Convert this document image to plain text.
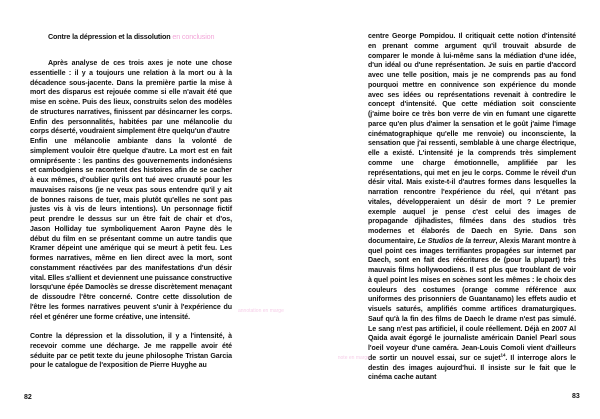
Contre la dépression et la dissolution en conclusion

Après analyse de ces trois axes je note une chose essentielle : il y a toujours une relation à la mort ou à la décadence sous-jacente. Dans la première partie la mise à mort des disparus est rejouée comme si elle n'avait été que mise en scène. Puis des lieux, construits selon des modèles de structures narratives, finissent par désincarner les corps. Enfin des personnalités, habitées par une mélancolie du corps déserté, voudraient simplement être quelqu'un d'autre

Enfin une mélancolie ambiante dans la volonté de simplement vouloir être quelque d'autre. La mort est en fait omniprésente : les pantins des gouvernements indonésiens et cambodgiens se racontent des histoires afin de se cacher à eux mêmes, d'oublier qu'ils ont tué avec cruauté pour les mauvaises raisons (je ne veux pas sous entendre qu'il y ait de bonnes raisons de tuer, mais plutôt qu'elles ne sont pas justes vis à vis de leurs intentions). Un personnage fictif peut prendre le dessus sur un être fait de chair et d'os, Jason Holliday tue symboliquement Aaron Payne dès le début du film en se présentant comme un autre tandis que Kramer dépeint une amérique qui se meurt à petit feu. Les formes narratives, même en lien direct avec la mort, sont constamment réactivées par des manifestations d'un désir vital. Elles s'allient et deviennent une puissance constructive lorsqu'une épée Damoclès se dresse discrètement menaçant de dissoudre l'être concerné. Contre cette dissolution de l'être les formes narratives peuvent s'unir à l'expérience du réel et générer une forme créative, une intensité.

Contre la dépression et la dissolution, il y a l'intensité, à recevoir comme une décharge. Je me rappelle avoir été séduite par ce petit texte du jeune philosophe Tristan Garcia pour le catalogue de l'exposition de Pierre Huyghe au

annotation en marge
82

centre George Pompidou. Il critiquait cette notion d'intensité en prenant comme argument qu'il trouvait absurde de comparer le monde à lui-même sans la médiation d'une idée, d'un idéal ou d'une représentation. Je suis en partie d'accord avec une telle position, mais je ne comprends pas au fond pourquoi mettre en connivence son expérience du monde avec ses idées ou représentations revenait à contredire le concept d'intensité. Que cette médiation soit consciente (j'aime boire ce très bon verre de vin en fumant une cigarette parce qu'en plus d'aimer la sensation et le goût j'aime l'image cinématographique qu'elle me renvoie) ou inconsciente, la sensation que j'ai ressenti, semblable à une charge électrique, elle a existé. L'intensité je la comprends très simplement comme une charge émotionnelle, amplifiée par les représentations, qui met en jeu le corps. Comme le réveil d'un désir vital. Mais existe-t-il d'autres formes dans lesquelles la narration rencontre l'expérience du réel, qui n'étant pas vitales, développeraient un désir de mort ? Le premier exemple auquel je pense c'est celui des images de propagande djihadistes, filmées dans des studios très modernes et élaborés de Daech en Syrie. Dans son documentaire, Le Studios de la terreur, Alexis Marant montre à quel point ces images terrifiantes propagées sur internet par Daech, sont en fait des réécritures de (pour la plupart) très mauvais films hollywoodiens. Il est plus que troublant de voir à quel point les mises en scènes sont les mêmes : le choix des couleurs des costumes (orange comme référence aux uniformes des prisonniers de Guantanamo) les effets audio et visuels saturés, amplifiés comme artifices dramaturgiques. Sauf qu'à la fin des films de Daech le drame n'est pas simulé. Le sang n'est pas artificiel, il coule réellement. Déjà en 2007 Al Qaida avait égorgé le journaliste américain Daniel Pearl sous l'oeil voyeur d'une caméra. Jean-Louis Comoli vient d'ailleurs de sortir un nouvel essai, sur ce sujet$^{14}$. Il interroge alors le destin des images aujourd'hui. Il insiste sur le fait que le cinéma cache autant

note en marge
83
